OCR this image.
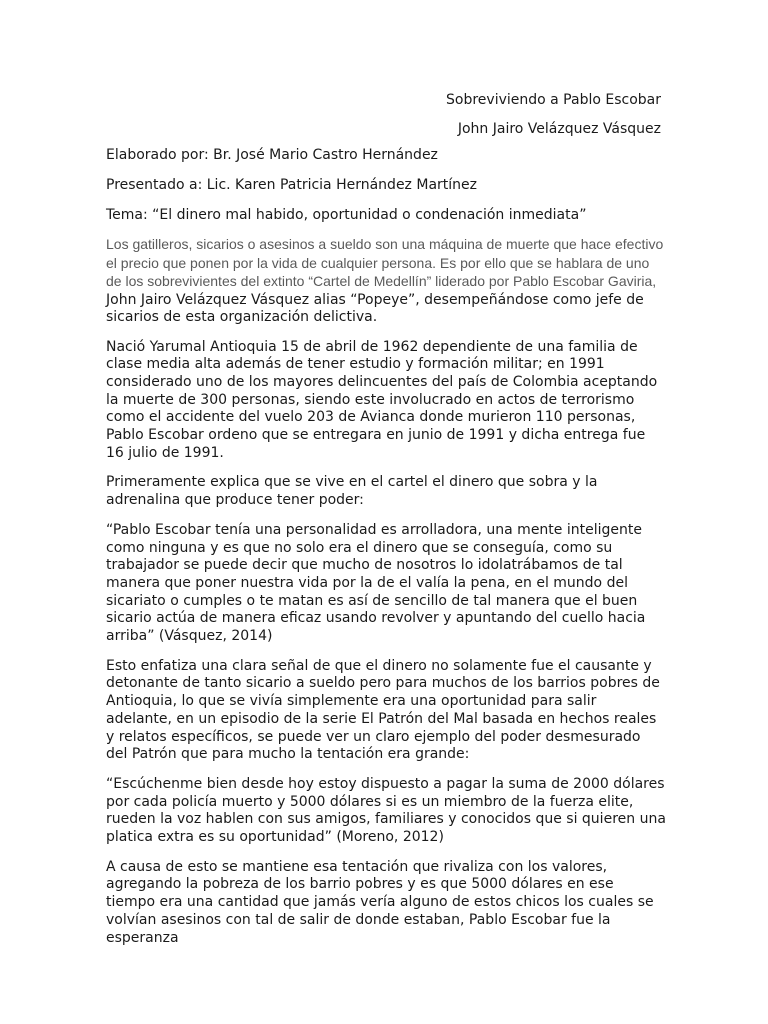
Sobreviviendo a Pablo Escobar
John Jairo Velázquez Vásquez

Elaborado por: Br. José Mario Castro Hernández

Presentado a: Lic. Karen Patricia Hernández Martínez

Tema: “El dinero mal habido, oportunidad o condenación inmediata”

Los gatilleros, sicarios o asesinos a sueldo son una máquina de muerte que hace efectivo el precio que ponen por la vida de cualquier persona. Es por ello que se hablara de uno de los sobrevivientes del extinto “Cartel de Medellín” liderado por Pablo Escobar Gaviria, John Jairo Velázquez Vásquez alias “Popeye”, desempeñándose como jefe de sicarios de esta organización delictiva.

Nació Yarumal Antioquia 15 de abril de 1962 dependiente de una familia de clase media alta además de tener estudio y formación militar; en 1991 considerado uno de los mayores delincuentes del país de Colombia aceptando la muerte de 300 personas, siendo este involucrado en actos de terrorismo como el accidente del vuelo 203 de Avianca donde murieron 110 personas, Pablo Escobar ordeno que se entregara en junio de 1991 y dicha entrega fue 16 julio de 1991.

Primeramente explica que se vive en el cartel el dinero que sobra y la adrenalina que produce tener poder:

“Pablo Escobar tenía una personalidad es arrolladora, una mente inteligente como ninguna y es que no solo era el dinero que se conseguía, como su trabajador se puede decir que mucho de nosotros lo idolatrábamos de tal manera que poner nuestra vida por la de el valía la pena, en el mundo del sicariato o cumples o te matan es así de sencillo de tal manera que el buen sicario actúa de manera eficaz usando revolver y apuntando del cuello hacia arriba” (Vásquez, 2014)

Esto enfatiza una clara señal de que el dinero no solamente fue el causante y detonante de tanto sicario a sueldo pero para muchos de los barrios pobres de Antioquia, lo que se vivía simplemente era una oportunidad para salir adelante, en un episodio de la serie El Patrón del Mal basada en hechos reales y relatos específicos, se puede ver un claro ejemplo del poder desmesurado del Patrón que para mucho la tentación era grande:

“Escúchenme bien desde hoy estoy dispuesto a pagar la suma de 2000 dólares por cada policía muerto y 5000 dólares si es un miembro de la fuerza elite, rueden la voz hablen con sus amigos, familiares y conocidos que si quieren una platica extra es su oportunidad” (Moreno, 2012)

A causa de esto se mantiene esa tentación que rivaliza con los valores, agregando la pobreza de los barrio pobres y es que 5000 dólares en ese tiempo era una cantidad que jamás vería alguno de estos chicos los cuales se volvían asesinos con tal de salir de donde estaban, Pablo Escobar fue la esperanza
